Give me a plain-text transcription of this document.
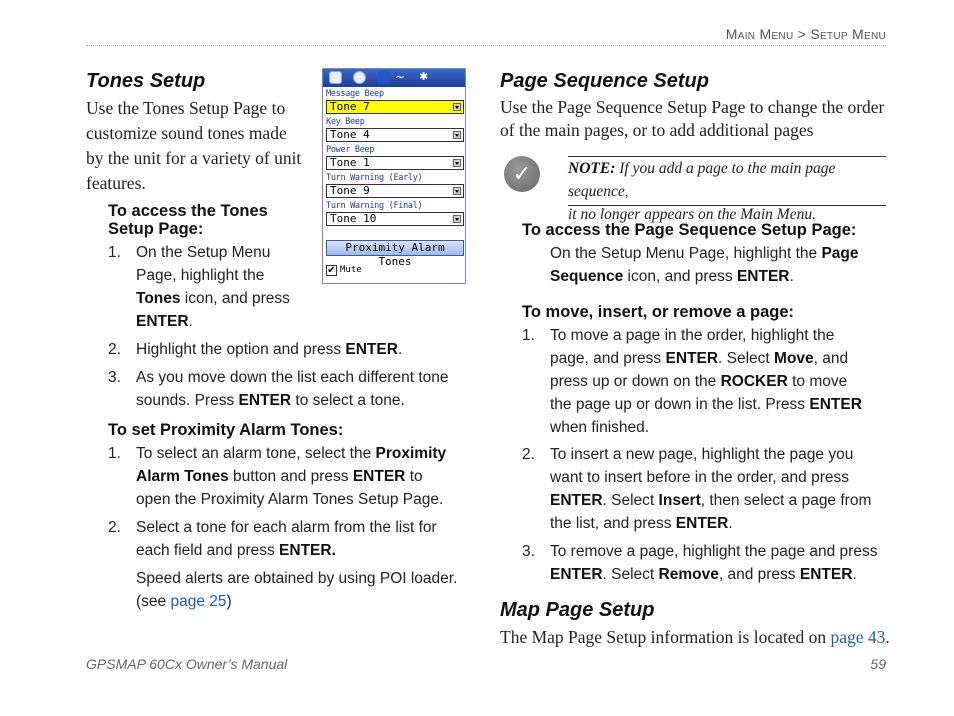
Main Menu > Setup Menu
Tones Setup
Use the Tones Setup Page to
customize sound tones made
by the unit for a variety of unit
features.
To access the Tones
Setup Page:
1. On the Setup Menu
Page, highlight the
Tones icon, and press
ENTER.
2. Highlight the option and press ENTER.
3. As you move down the list each different tone
sounds. Press ENTER to select a tone.
To set Proximity Alarm Tones:
1. To select an alarm tone, select the Proximity
Alarm Tones button and press ENTER to
open the Proximity Alarm Tones Setup Page.
2. Select a tone for each alarm from the list for
each field and press ENTER.
Speed alerts are obtained by using POI loader.
(see page 25)
~ ✱
Message Beep
Tone 7
Key Beep
Tone 4
Power Beep
Tone 1
Turn Warning (Early)
Tone 9
Turn Warning (Final)
Tone 10
Proximity Alarm Tones
✔ Mute
Page Sequence Setup
Use the Page Sequence Setup Page to change the order
of the main pages, or to add additional pages
✓	NOTE: If you add a page to the main page sequence,
it no longer appears on the Main Menu.
To access the Page Sequence Setup Page:
On the Setup Menu Page, highlight the Page
Sequence icon, and press ENTER.
To move, insert, or remove a page:
1. To move a page in the order, highlight the
page, and press ENTER. Select Move, and
press up or down on the ROCKER to move
the page up or down in the list. Press ENTER
when finished.
2. To insert a new page, highlight the page you
want to insert before in the order, and press
ENTER. Select Insert, then select a page from
the list, and press ENTER.
3. To remove a page, highlight the page and press
ENTER. Select Remove, and press ENTER.
Map Page Setup
The Map Page Setup information is located on page 43.
GPSMAP 60Cx Owner’s Manual	59
